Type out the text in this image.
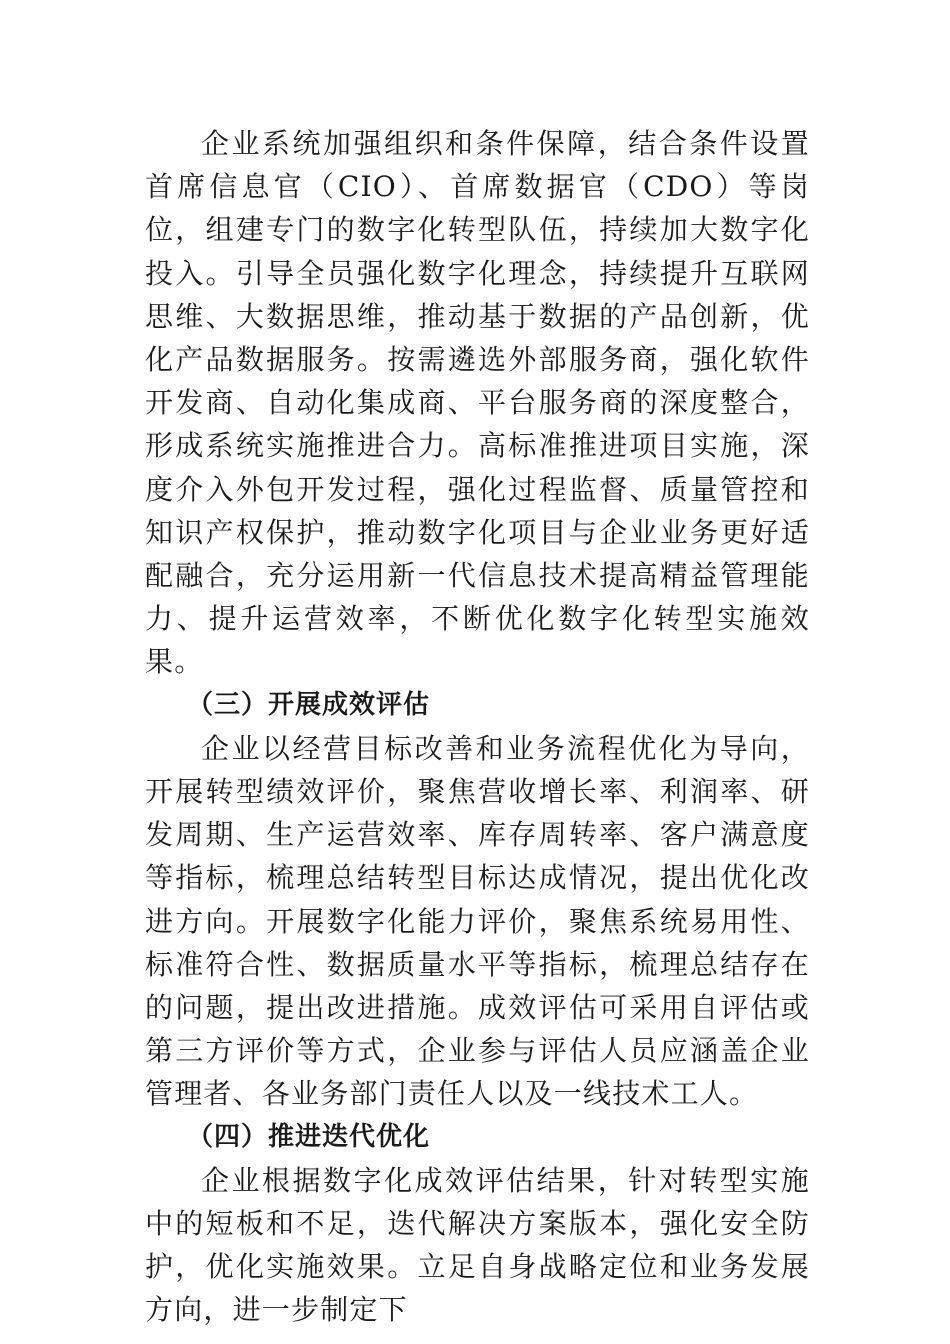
企业系统加强组织和条件保障，结合条件设置首席信息官（CIO）、首席数据官（CDO）等岗位，组建专门的数字化转型队伍，持续加大数字化投入。引导全员强化数字化理念，持续提升互联网思维、大数据思维，推动基于数据的产品创新，优化产品数据服务。按需遴选外部服务商，强化软件开发商、自动化集成商、平台服务商的深度整合，形成系统实施推进合力。高标准推进项目实施，深度介入外包开发过程，强化过程监督、质量管控和知识产权保护，推动数字化项目与企业业务更好适配融合，充分运用新一代信息技术提高精益管理能力、提升运营效率，不断优化数字化转型实施效果。

（三）开展成效评估

企业以经营目标改善和业务流程优化为导向，开展转型绩效评价，聚焦营收增长率、利润率、研发周期、生产运营效率、库存周转率、客户满意度等指标，梳理总结转型目标达成情况，提出优化改进方向。开展数字化能力评价，聚焦系统易用性、标准符合性、数据质量水平等指标，梳理总结存在的问题，提出改进措施。成效评估可采用自评估或第三方评价等方式，企业参与评估人员应涵盖企业管理者、各业务部门责任人以及一线技术工人。

（四）推进迭代优化

企业根据数字化成效评估结果，针对转型实施中的短板和不足，迭代解决方案版本，强化安全防护，优化实施效果。立足自身战略定位和业务发展方向，进一步制定下
